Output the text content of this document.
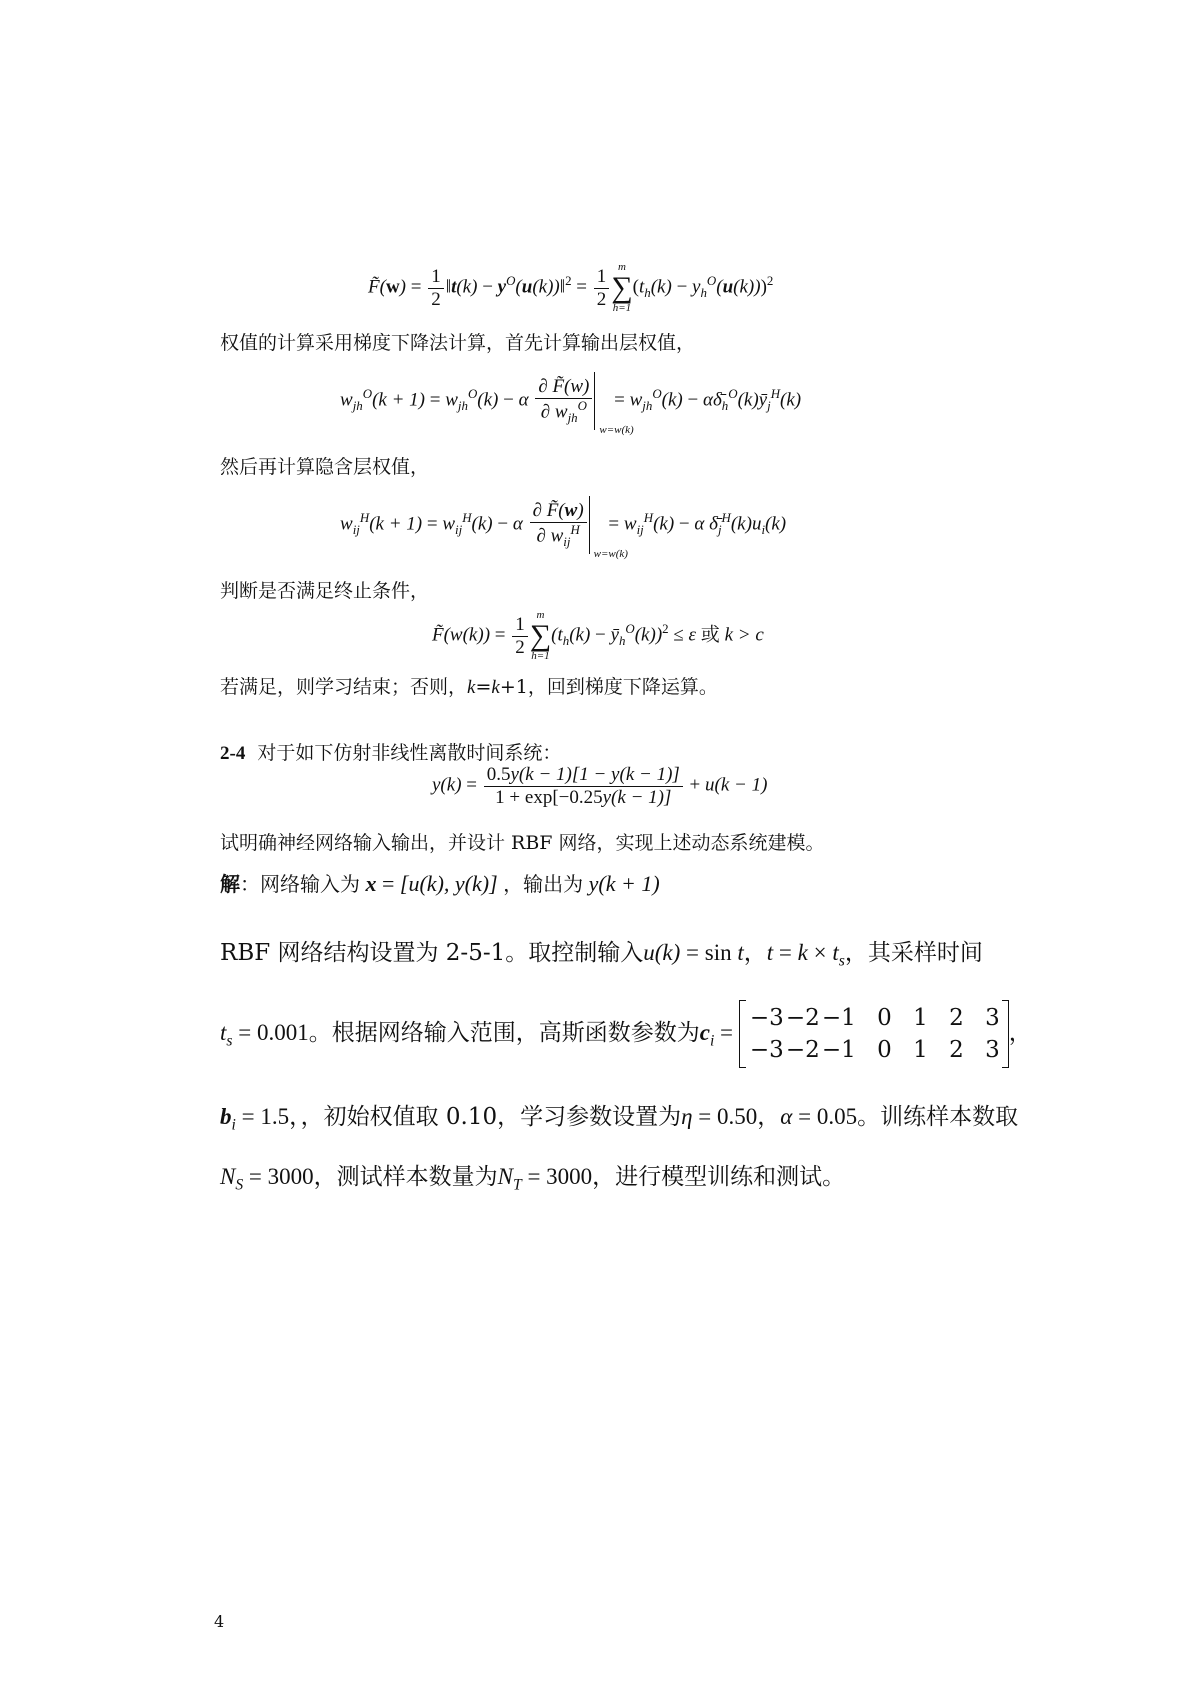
F̃(w) = $\frac{1}{2}$ ‖t(k) − $y^O(u(k))‖^2 = \frac{1}{2}$ m
∑
h=1
$(t_h(k) - y_h^O(u(k)))^2$
权值的计算采用梯度下降法计算，首先计算输出层权值，
$w_{jh}^O(k + 1) = w_{jh}^O(k) - \alpha \frac{\partial F̃(w)}{\partial w_{jh}^O}$
w=w(k)
= $w_{jh}^O(k)$ − $\alpha\deltā_h^O(k)ȳ_j^H(k)$
然后再计算隐含层权值，
$w_{ij}^H(k + 1) = w_{ij}^H(k) - \alpha \frac{\partial F̃(w)}{\partial w_{ij}^H}$
w=w(k)
= $w_{ij}^H(k) - \alpha$ $\deltā_j^H(k)u_i(k)$
判断是否满足终止条件，
F̃(w(k)) = $\frac{1}{2}$ m
∑
h=1
($t_h(k)$ − $ȳ_h^O(k))^2 \le \varepsilon$ 或 k > c
若满足，则学习结束；否则，k=k+1，回到梯度下降运算。
2-4 对于如下仿射非线性离散时间系统：
$y(k) = \frac{0.5y(k - 1)[1 - y(k - 1)]}{1 + \exp[-0.25y(k - 1)]} + u(k - 1)$
试明确神经网络输入输出，并设计 RBF 网络，实现上述动态系统建模。
解：网络输入为 x = [u(k), y(k)] ，输出为 y(k + 1)
RBF 网络结构设置为 2-5-1。取控制输入u(k) = sin t，$t = k \times t_s$，其采样时间
$t_s = 0.001$。根据网络输入范围，高斯函数参数为$c_i$ =
−3 −2 −1 0 1 2 3
−3 −2 −1 0 1 2 3
，
$b_i = 1.5$，，初始权值取 0.10，学习参数设置为η = 0.50，α = 0.05。训练样本数取
$N_S = 3000$，测试样本数量为$N_T = 3000$，进行模型训练和测试。
4
